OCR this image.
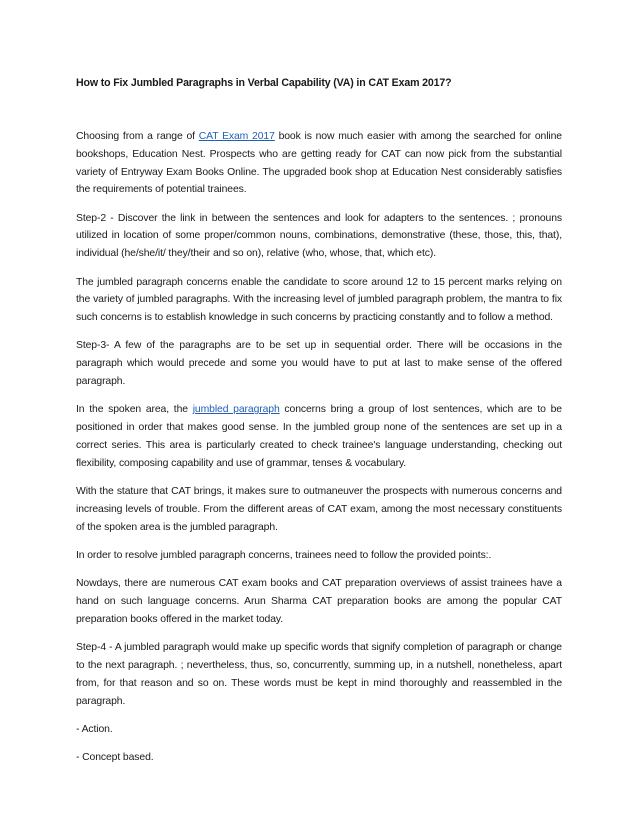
How to Fix Jumbled Paragraphs in Verbal Capability (VA) in CAT Exam 2017?

Choosing from a range of CAT Exam 2017 book is now much easier with among the searched for online bookshops, Education Nest. Prospects who are getting ready for CAT can now pick from the substantial variety of Entryway Exam Books Online. The upgraded book shop at Education Nest considerably satisfies the requirements of potential trainees.

Step-2 - Discover the link in between the sentences and look for adapters to the sentences. ; pronouns utilized in location of some proper/common nouns, combinations, demonstrative (these, those, this, that), individual (he/she/it/ they/their and so on), relative (who, whose, that, which etc).

The jumbled paragraph concerns enable the candidate to score around 12 to 15 percent marks relying on the variety of jumbled paragraphs. With the increasing level of jumbled paragraph problem, the mantra to fix such concerns is to establish knowledge in such concerns by practicing constantly and to follow a method.

Step-3- A few of the paragraphs are to be set up in sequential order. There will be occasions in the paragraph which would precede and some you would have to put at last to make sense of the offered paragraph.

In the spoken area, the jumbled paragraph concerns bring a group of lost sentences, which are to be positioned in order that makes good sense. In the jumbled group none of the sentences are set up in a correct series. This area is particularly created to check trainee's language understanding, checking out flexibility, composing capability and use of grammar, tenses & vocabulary.

With the stature that CAT brings, it makes sure to outmaneuver the prospects with numerous concerns and increasing levels of trouble. From the different areas of CAT exam, among the most necessary constituents of the spoken area is the jumbled paragraph.

In order to resolve jumbled paragraph concerns, trainees need to follow the provided points:.

Nowdays, there are numerous CAT exam books and CAT preparation overviews of assist trainees have a hand on such language concerns. Arun Sharma CAT preparation books are among the popular CAT preparation books offered in the market today.

Step-4 - A jumbled paragraph would make up specific words that signify completion of paragraph or change to the next paragraph. ; nevertheless, thus, so, concurrently, summing up, in a nutshell, nonetheless, apart from, for that reason and so on. These words must be kept in mind thoroughly and reassembled in the paragraph.

- Action.

- Concept based.
